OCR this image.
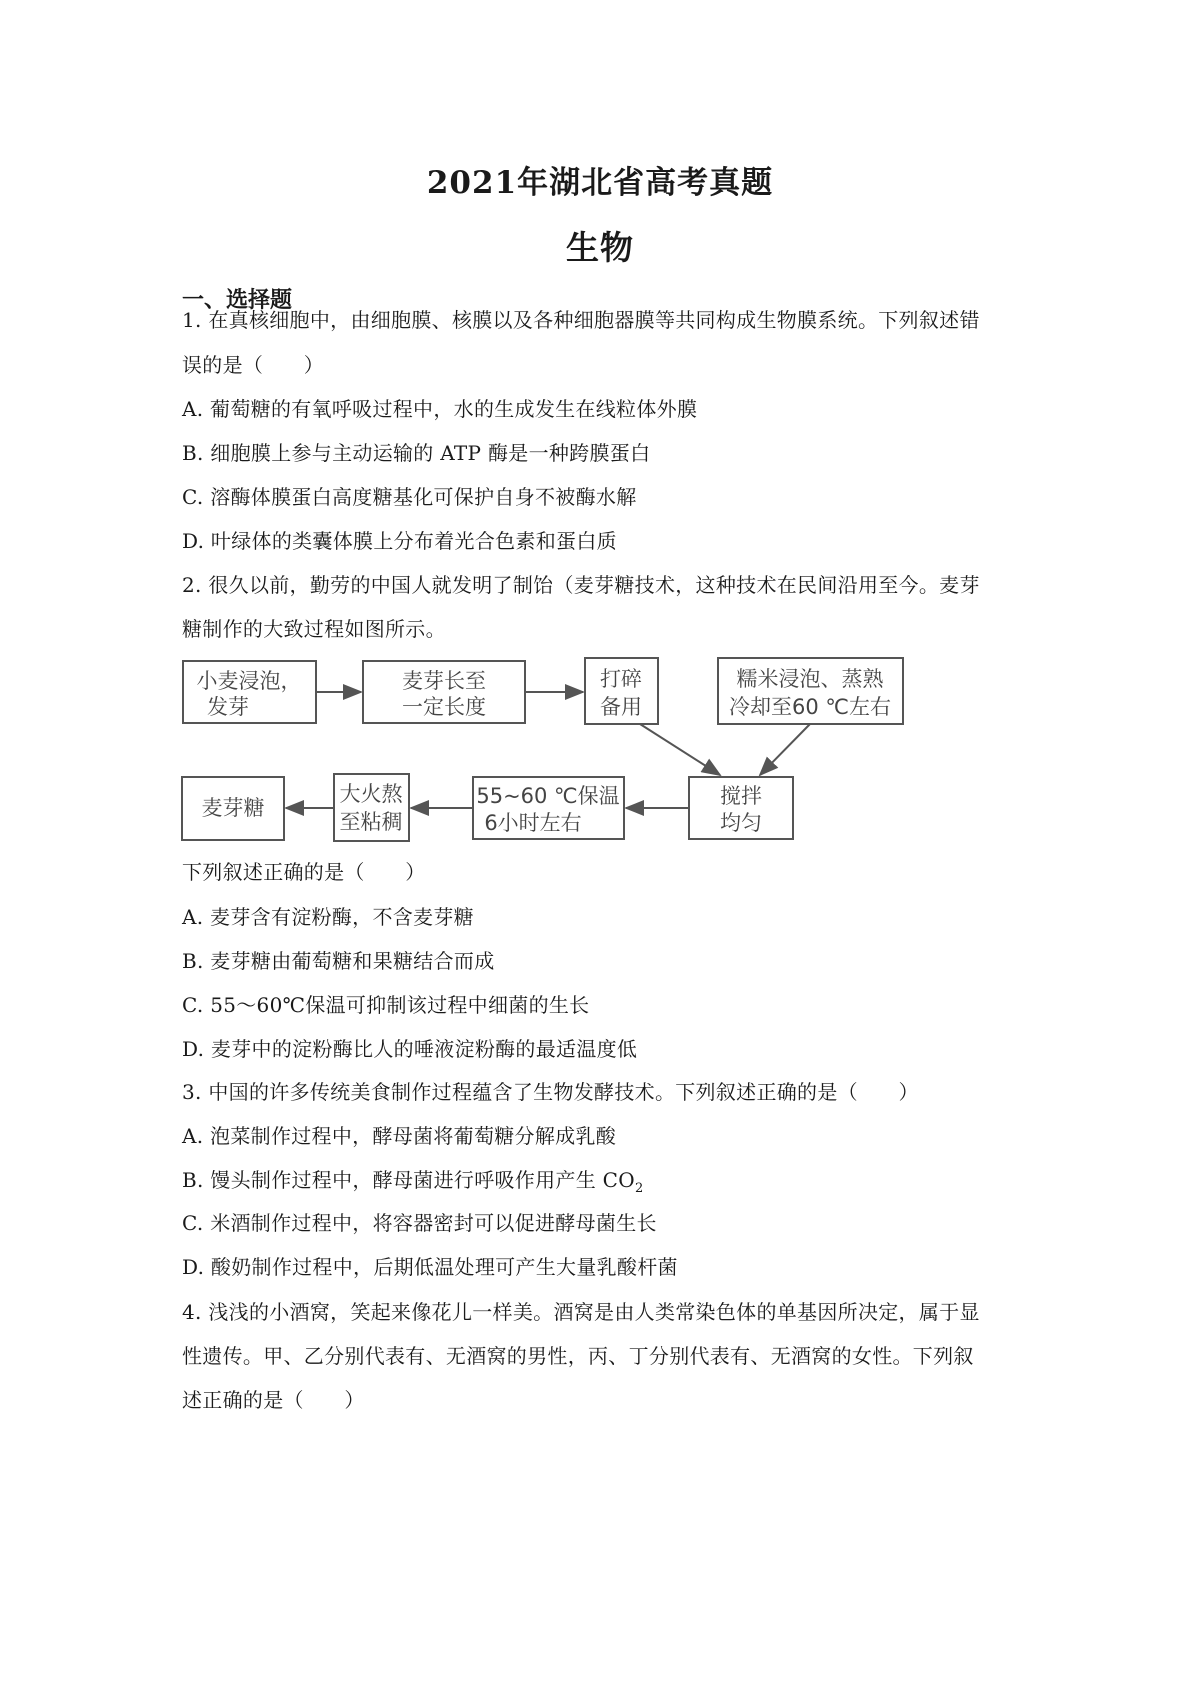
2021年湖北省高考真题
生物
一、选择题
1. 在真核细胞中，由细胞膜、核膜以及各种细胞器膜等共同构成生物膜系统。下列叙述错
误的是（　　）
A. 葡萄糖的有氧呼吸过程中，水的生成发生在线粒体外膜
B. 细胞膜上参与主动运输的 ATP 酶是一种跨膜蛋白
C. 溶酶体膜蛋白高度糖基化可保护自身不被酶水解
D. 叶绿体的类囊体膜上分布着光合色素和蛋白质
2. 很久以前，勤劳的中国人就发明了制饴（麦芽糖技术，这种技术在民间沿用至今。麦芽
糖制作的大致过程如图所示。
小麦浸泡，
发芽
麦芽长至
一定长度
打碎
备用
糯米浸泡、蒸熟
冷却至60 ℃左右
搅拌
均匀
55~60 ℃保温
6小时左右
大火熬
至粘稠
麦芽糖
下列叙述正确的是（　　）
A. 麦芽含有淀粉酶，不含麦芽糖
B. 麦芽糖由葡萄糖和果糖结合而成
C. 55～60℃保温可抑制该过程中细菌的生长
D. 麦芽中的淀粉酶比人的唾液淀粉酶的最适温度低
3. 中国的许多传统美食制作过程蕴含了生物发酵技术。下列叙述正确的是（　　）
A. 泡菜制作过程中，酵母菌将葡萄糖分解成乳酸
B. 馒头制作过程中，酵母菌进行呼吸作用产生 $CO_2$
C. 米酒制作过程中，将容器密封可以促进酵母菌生长
D. 酸奶制作过程中，后期低温处理可产生大量乳酸杆菌
4. 浅浅的小酒窝，笑起来像花儿一样美。酒窝是由人类常染色体的单基因所决定，属于显
性遗传。甲、乙分别代表有、无酒窝的男性，丙、丁分别代表有、无酒窝的女性。下列叙
述正确的是（　　）
